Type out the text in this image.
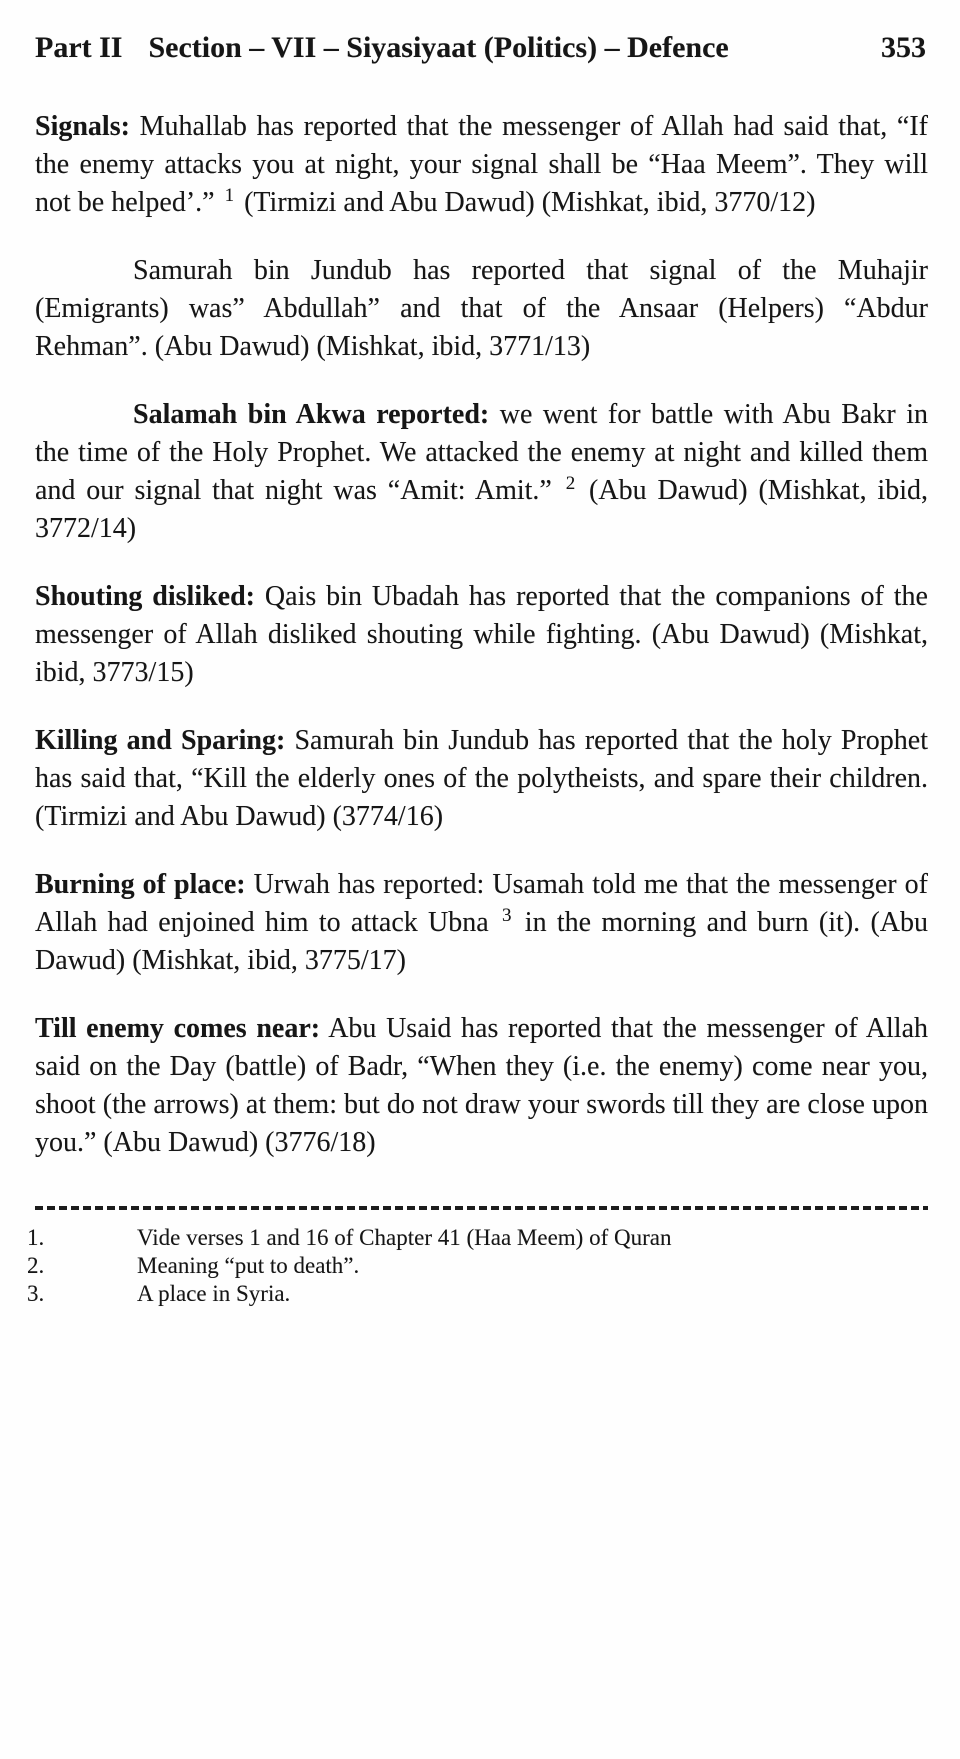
Part II Section – VII – Siyasiyaat (Politics) – Defence	353

Signals: Muhallab has reported that the messenger of Allah had said that, “If the enemy attacks you at night, your signal shall be “Haa Meem”. They will not be helped’.” $^1$ (Tirmizi and Abu Dawud) (Mishkat, ibid, 3770/12)

Samurah bin Jundub has reported that signal of the Muhajir (Emigrants) was” Abdullah” and that of the Ansaar (Helpers) “Abdur Rehman”. (Abu Dawud) (Mishkat, ibid, 3771/13)

Salamah bin Akwa reported: we went for battle with Abu Bakr in the time of the Holy Prophet. We attacked the enemy at night and killed them and our signal that night was “Amit: Amit.” $^2$ (Abu Dawud) (Mishkat, ibid, 3772/14)

Shouting disliked: Qais bin Ubadah has reported that the companions of the messenger of Allah disliked shouting while fighting. (Abu Dawud) (Mishkat, ibid, 3773/15)

Killing and Sparing: Samurah bin Jundub has reported that the holy Prophet has said that, “Kill the elderly ones of the polytheists, and spare their children. (Tirmizi and Abu Dawud) (3774/16)

Burning of place: Urwah has reported: Usamah told me that the messenger of Allah had enjoined him to attack Ubna $^3$ in the morning and burn (it). (Abu Dawud) (Mishkat, ibid, 3775/17)

Till enemy comes near: Abu Usaid has reported that the messenger of Allah said on the Day (battle) of Badr, “When they (i.e. the enemy) come near you, shoot (the arrows) at them: but do not draw your swords till they are close upon you.” (Abu Dawud) (3776/18)

1.	Vide verses 1 and 16 of Chapter 41 (Haa Meem) of Quran
2.	Meaning “put to death”.
3.	A place in Syria.
